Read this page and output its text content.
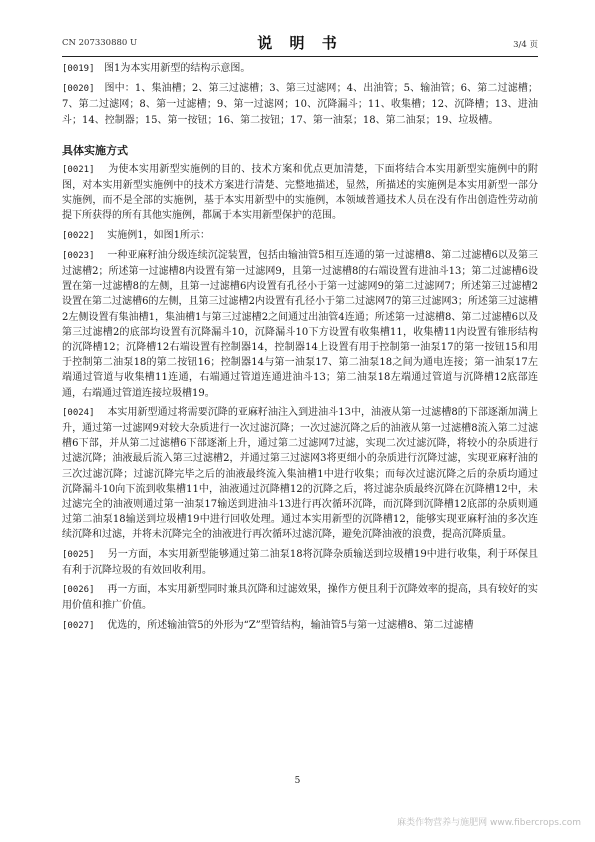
CN 207330880 U	说 明 书	3/4 页

[0019] 图1为本实用新型的结构示意图。

[0020] 图中：1、集油槽；2、第三过滤槽；3、第三过滤网；4、出油管；5、输油管；6、第二过滤槽；7、第二过滤网；8、第一过滤槽；9、第一过滤网；10、沉降漏斗；11、收集槽；12、沉降槽；13、进油斗；14、控制器；15、第一按钮；16、第二按钮；17、第一油泵；18、第二油泵；19、垃圾槽。

具体实施方式

[0021] 为使本实用新型实施例的目的、技术方案和优点更加清楚，下面将结合本实用新型实施例中的附图，对本实用新型实施例中的技术方案进行清楚、完整地描述，显然，所描述的实施例是本实用新型一部分实施例，而不是全部的实施例，基于本实用新型中的实施例，本领域普通技术人员在没有作出创造性劳动前提下所获得的所有其他实施例，都属于本实用新型保护的范围。

[0022] 实施例1，如图1所示：

[0023] 一种亚麻籽油分级连续沉淀装置，包括由输油管5相互连通的第一过滤槽8、第二过滤槽6以及第三过滤槽2；所述第一过滤槽8内设置有第一过滤网9，且第一过滤槽8的右端设置有进油斗13；第二过滤槽6设置在第一过滤槽8的左侧，且第一过滤槽6内设置有孔径小于第一过滤网9的第二过滤网7；所述第三过滤槽2设置在第二过滤槽6的左侧，且第三过滤槽2内设置有孔径小于第二过滤网7的第三过滤网3；所述第三过滤槽2左侧设置有集油槽1，集油槽1与第三过滤槽2之间通过出油管4连通；所述第一过滤槽8、第二过滤槽6以及第三过滤槽2的底部均设置有沉降漏斗10，沉降漏斗10下方设置有收集槽11，收集槽11内设置有锥形结构的沉降槽12；沉降槽12右端设置有控制器14，控制器14上设置有用于控制第一油泵17的第一按钮15和用于控制第二油泵18的第二按钮16；控制器14与第一油泵17、第二油泵18之间为通电连接；第一油泵17左端通过管道与收集槽11连通，右端通过管道连通进油斗13；第二油泵18左端通过管道与沉降槽12底部连通，右端通过管道连接垃圾槽19。

[0024] 本实用新型通过将需要沉降的亚麻籽油注入到进油斗13中，油液从第一过滤槽8的下部逐渐加满上升，通过第一过滤网9对较大杂质进行一次过滤沉降；一次过滤沉降之后的油液从第一过滤槽8流入第二过滤槽6下部，并从第二过滤槽6下部逐渐上升，通过第二过滤网7过滤，实现二次过滤沉降，将较小的杂质进行过滤沉降；油液最后流入第三过滤槽2，并通过第三过滤网3将更细小的杂质进行沉降过滤，实现亚麻籽油的三次过滤沉降；过滤沉降完毕之后的油液最终流入集油槽1中进行收集；而每次过滤沉降之后的杂质均通过沉降漏斗10向下流到收集槽11中，油液通过沉降槽12的沉降之后，将过滤杂质最终沉降在沉降槽12中，未过滤完全的油液则通过第一油泵17输送到进油斗13进行再次循环沉降，而沉降到沉降槽12底部的杂质则通过第二油泵18输送到垃圾槽19中进行回收处理。通过本实用新型的沉降槽12，能够实现亚麻籽油的多次连续沉降和过滤，并将未沉降完全的油液进行再次循环过滤沉降，避免沉降油液的浪费，提高沉降质量。

[0025] 另一方面，本实用新型能够通过第二油泵18将沉降杂质输送到垃圾槽19中进行收集，利于环保且有利于沉降垃圾的有效回收利用。

[0026] 再一方面，本实用新型同时兼具沉降和过滤效果，操作方便且利于沉降效率的提高，具有较好的实用价值和推广价值。

[0027] 优选的，所述输油管5的外形为“Z”型管结构，输油管5与第一过滤槽8、第二过滤槽

5
麻类作物营养与施肥网 www.fibercrops.com
